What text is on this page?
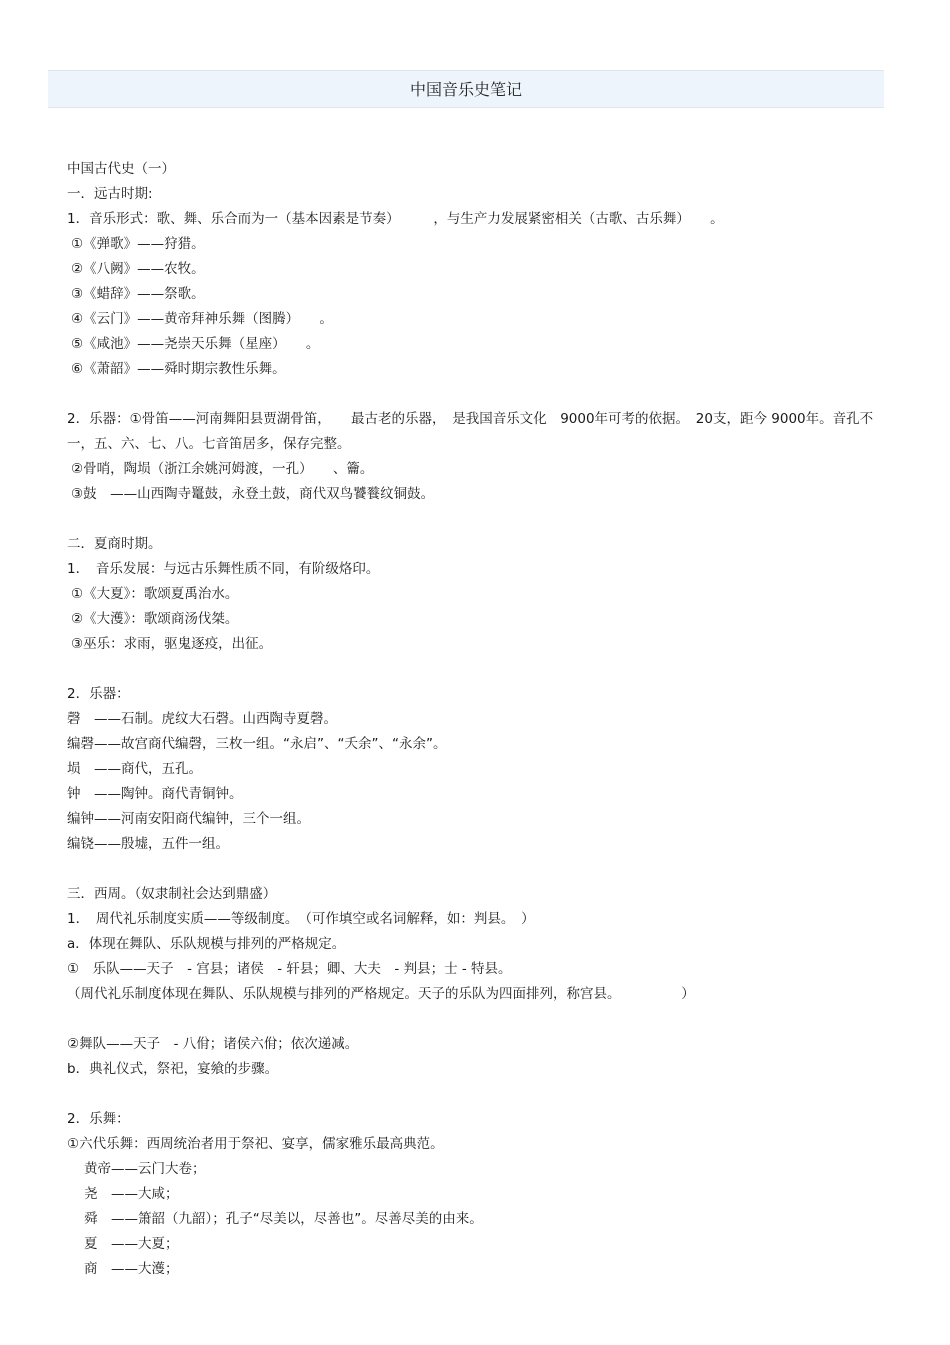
中国音乐史笔记
中国古代史（一）
一．远古时期:
1．音乐形式：歌、舞、乐合而为一（基本因素是节奏）　　　，与生产力发展紧密相关（古歌、古乐舞）　　。
①《弹歌》——狩猎。
②《八阙》——农牧。
③《蜡辞》——祭歌。
④《云门》——黄帝拜神乐舞（图腾）　　。
⑤《咸池》——尧崇天乐舞（星座）　　。
⑥《萧韶》——舜时期宗教性乐舞。
2．乐器：①骨笛——河南舞阳县贾湖骨笛，　　最古老的乐器，　是我国音乐文化　9000年可考的依据。　20支，距今 9000年。音孔不一，五、六、七、八。七音笛居多，保存完整。
②骨哨，陶埙（浙江余姚河姆渡，一孔）　　、籥。
③鼓　——山西陶寺鼍鼓，永登土鼓，商代双鸟饕餮纹铜鼓。
二．夏商时期。
1．　音乐发展：与远古乐舞性质不同，有阶级烙印。
①《大夏》：歌颂夏禹治水。
②《大濩》：歌颂商汤伐桀。
③巫乐：求雨，驱鬼逐疫，出征。
2．乐器：
磬　——石制。虎纹大石磬。山西陶寺夏磬。
编磬——故宫商代编磬，三枚一组。“永启”、“夭余”、“永余”。
埙　——商代，五孔。
钟　——陶钟。商代青铜钟。
编钟——河南安阳商代编钟，三个一组。
编铙——殷墟，五件一组。
三．西周。（奴隶制社会达到鼎盛）
1．　周代礼乐制度实质——等级制度。　（可作填空或名词解释，如：判县。　）
a．体现在舞队、乐队规模与排列的严格规定。
①　乐队——天子　- 宫县；诸侯　- 轩县；卿、大夫　- 判县；士 - 特县。
（周代礼乐制度体现在舞队、乐队规模与排列的严格规定。天子的乐队为四面排列，称宫县。　　　　　）
②舞队——天子　- 八佾；诸侯六佾；依次递减。
b．典礼仪式，祭祀，宴飨的步骤。
2．乐舞：
①六代乐舞：西周统治者用于祭祀、宴享，儒家雅乐最高典范。
黄帝——云门大卷；
尧　——大咸；
舜　——箫韶（九韶）；孔子“尽美以，尽善也”。尽善尽美的由来。
夏　——大夏；
商　——大濩；
